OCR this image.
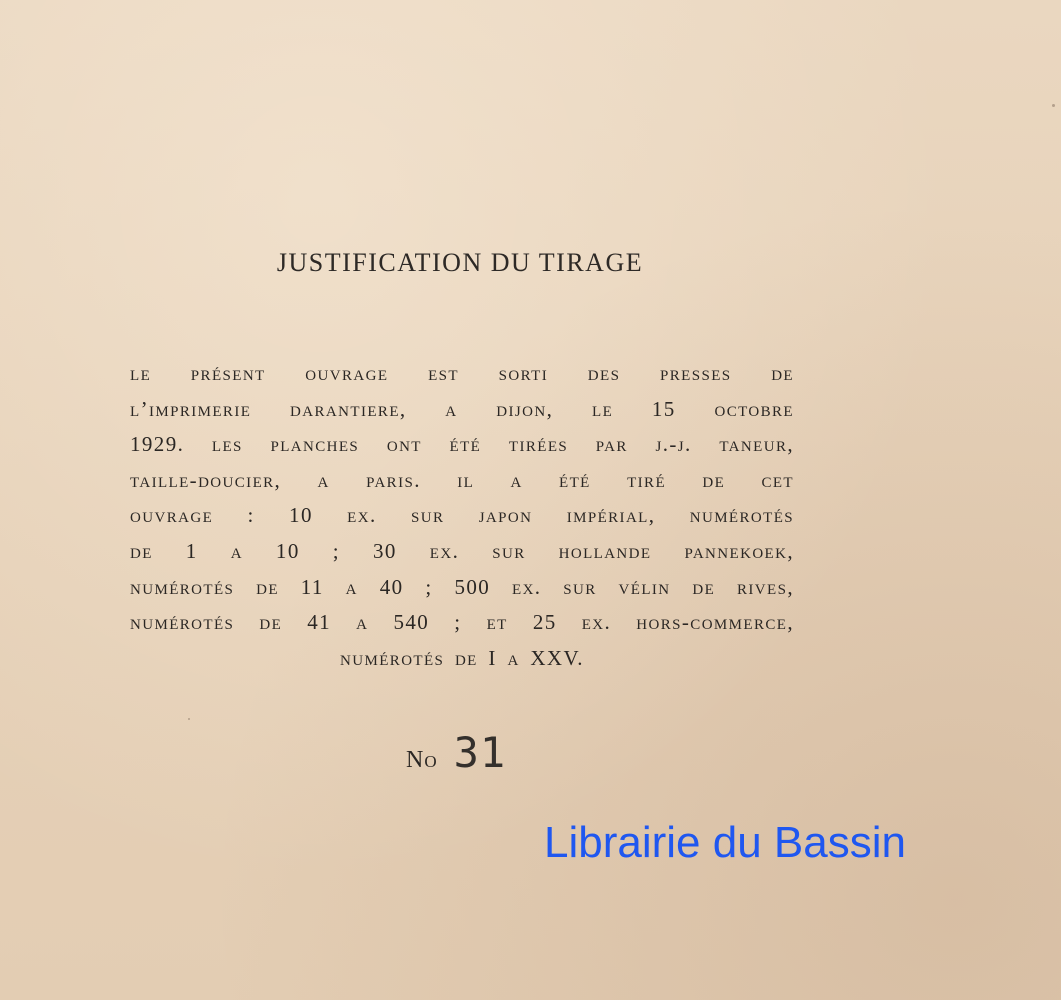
JUSTIFICATION DU TIRAGE
le présent ouvrage est sorti des presses de
l’imprimerie darantiere, a dijon, le 15 octobre
1929. les planches ont été tirées par j.-j. taneur,
taille-doucier, a paris. il a été tiré de cet
ouvrage : 10 ex. sur japon impérial, numérotés
de 1 a 10 ; 30 ex. sur hollande pannekoek,
numérotés de 11 a 40 ; 500 ex. sur vélin de rives,
numérotés de 41 a 540 ; et 25 ex. hors-commerce,
numérotés de I a XXV.
No 31
Librairie du Bassin
